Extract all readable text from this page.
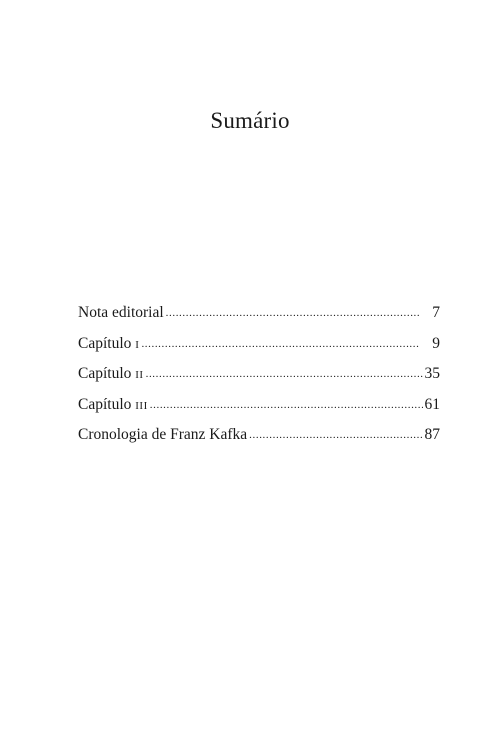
Sumário
Nota editorial .....	7
Capítulo i .....	9
Capítulo ii .....	35
Capítulo iii .....	61
Cronologia de Franz Kafka .....	87
